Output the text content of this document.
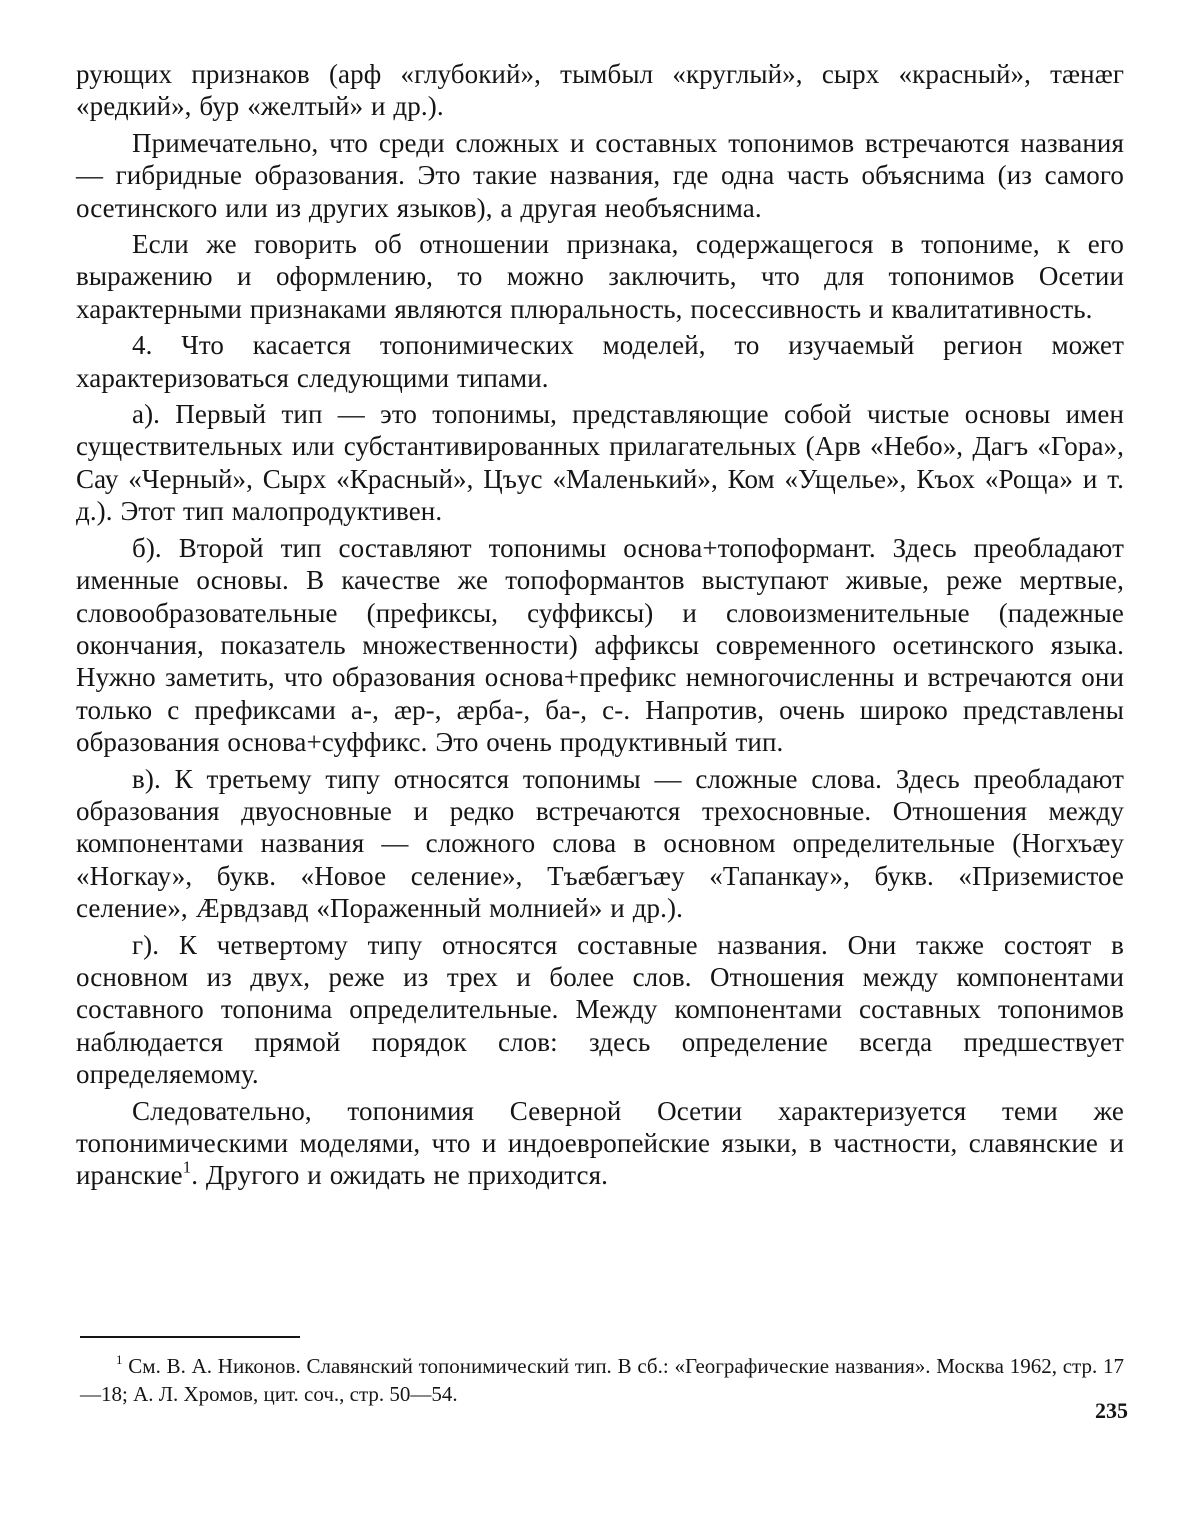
рующих признаков (арф «глубокий», тымбыл «круглый», сырх «красный», тæнæг «редкий», бур «желтый» и др.).

Примечательно, что среди сложных и составных топонимов встречаются названия — гибридные образования. Это такие названия, где одна часть объяснима (из самого осетинского или из других языков), а другая необъяснима.

Если же говорить об отношении признака, содержащегося в топониме, к его выражению и оформлению, то можно заключить, что для топонимов Осетии характерными признаками являются плюральность, посессивность и квалитативность.

4. Что касается топонимических моделей, то изучаемый регион может характеризоваться следующими типами.

а). Первый тип — это топонимы, представляющие собой чистые основы имен существительных или субстантивированных прилагательных (Арв «Небо», Дагъ «Гора», Сау «Черный», Сырх «Красный», Цъус «Маленький», Ком «Ущелье», Къох «Роща» и т. д.). Этот тип малопродуктивен.

б). Второй тип составляют топонимы основа+топоформант. Здесь преобладают именные основы. В качестве же топоформантов выступают живые, реже мертвые, словообразовательные (префиксы, суффиксы) и словоизменительные (падежные окончания, показатель множественности) аффиксы современного осетинского языка. Нужно заметить, что образования основа+префикс немногочисленны и встречаются они только с префиксами а-, æр-, æрба-, ба-, с-. Напротив, очень широко представлены образования основа+суффикс. Это очень продуктивный тип.

в). К третьему типу относятся топонимы — сложные слова. Здесь преобладают образования двуосновные и редко встречаются трехосновные. Отношения между компонентами названия — сложного слова в основном определительные (Ногхъæу «Ногкау», букв. «Новое селение», Тъæбæгъæу «Тапанкау», букв. «Приземистое селение», Æрвдзавд «Пораженный молнией» и др.).

г). К четвертому типу относятся составные названия. Они также состоят в основном из двух, реже из трех и более слов. Отношения между компонентами составного топонима определительные. Между компонентами составных топонимов наблюдается прямой порядок слов: здесь определение всегда предшествует определяемому.

Следовательно, топонимия Северной Осетии характеризуется теми же топонимическими моделями, что и индоевропейские языки, в частности, славянские и иранские$^1$. Другого и ожидать не приходится.

$^1$ См. В. А. Никонов. Славянский топонимический тип. В сб.: «Географические названия». Москва 1962, стр. 17—18; А. Л. Хромов, цит. соч., стр. 50—54.

235
